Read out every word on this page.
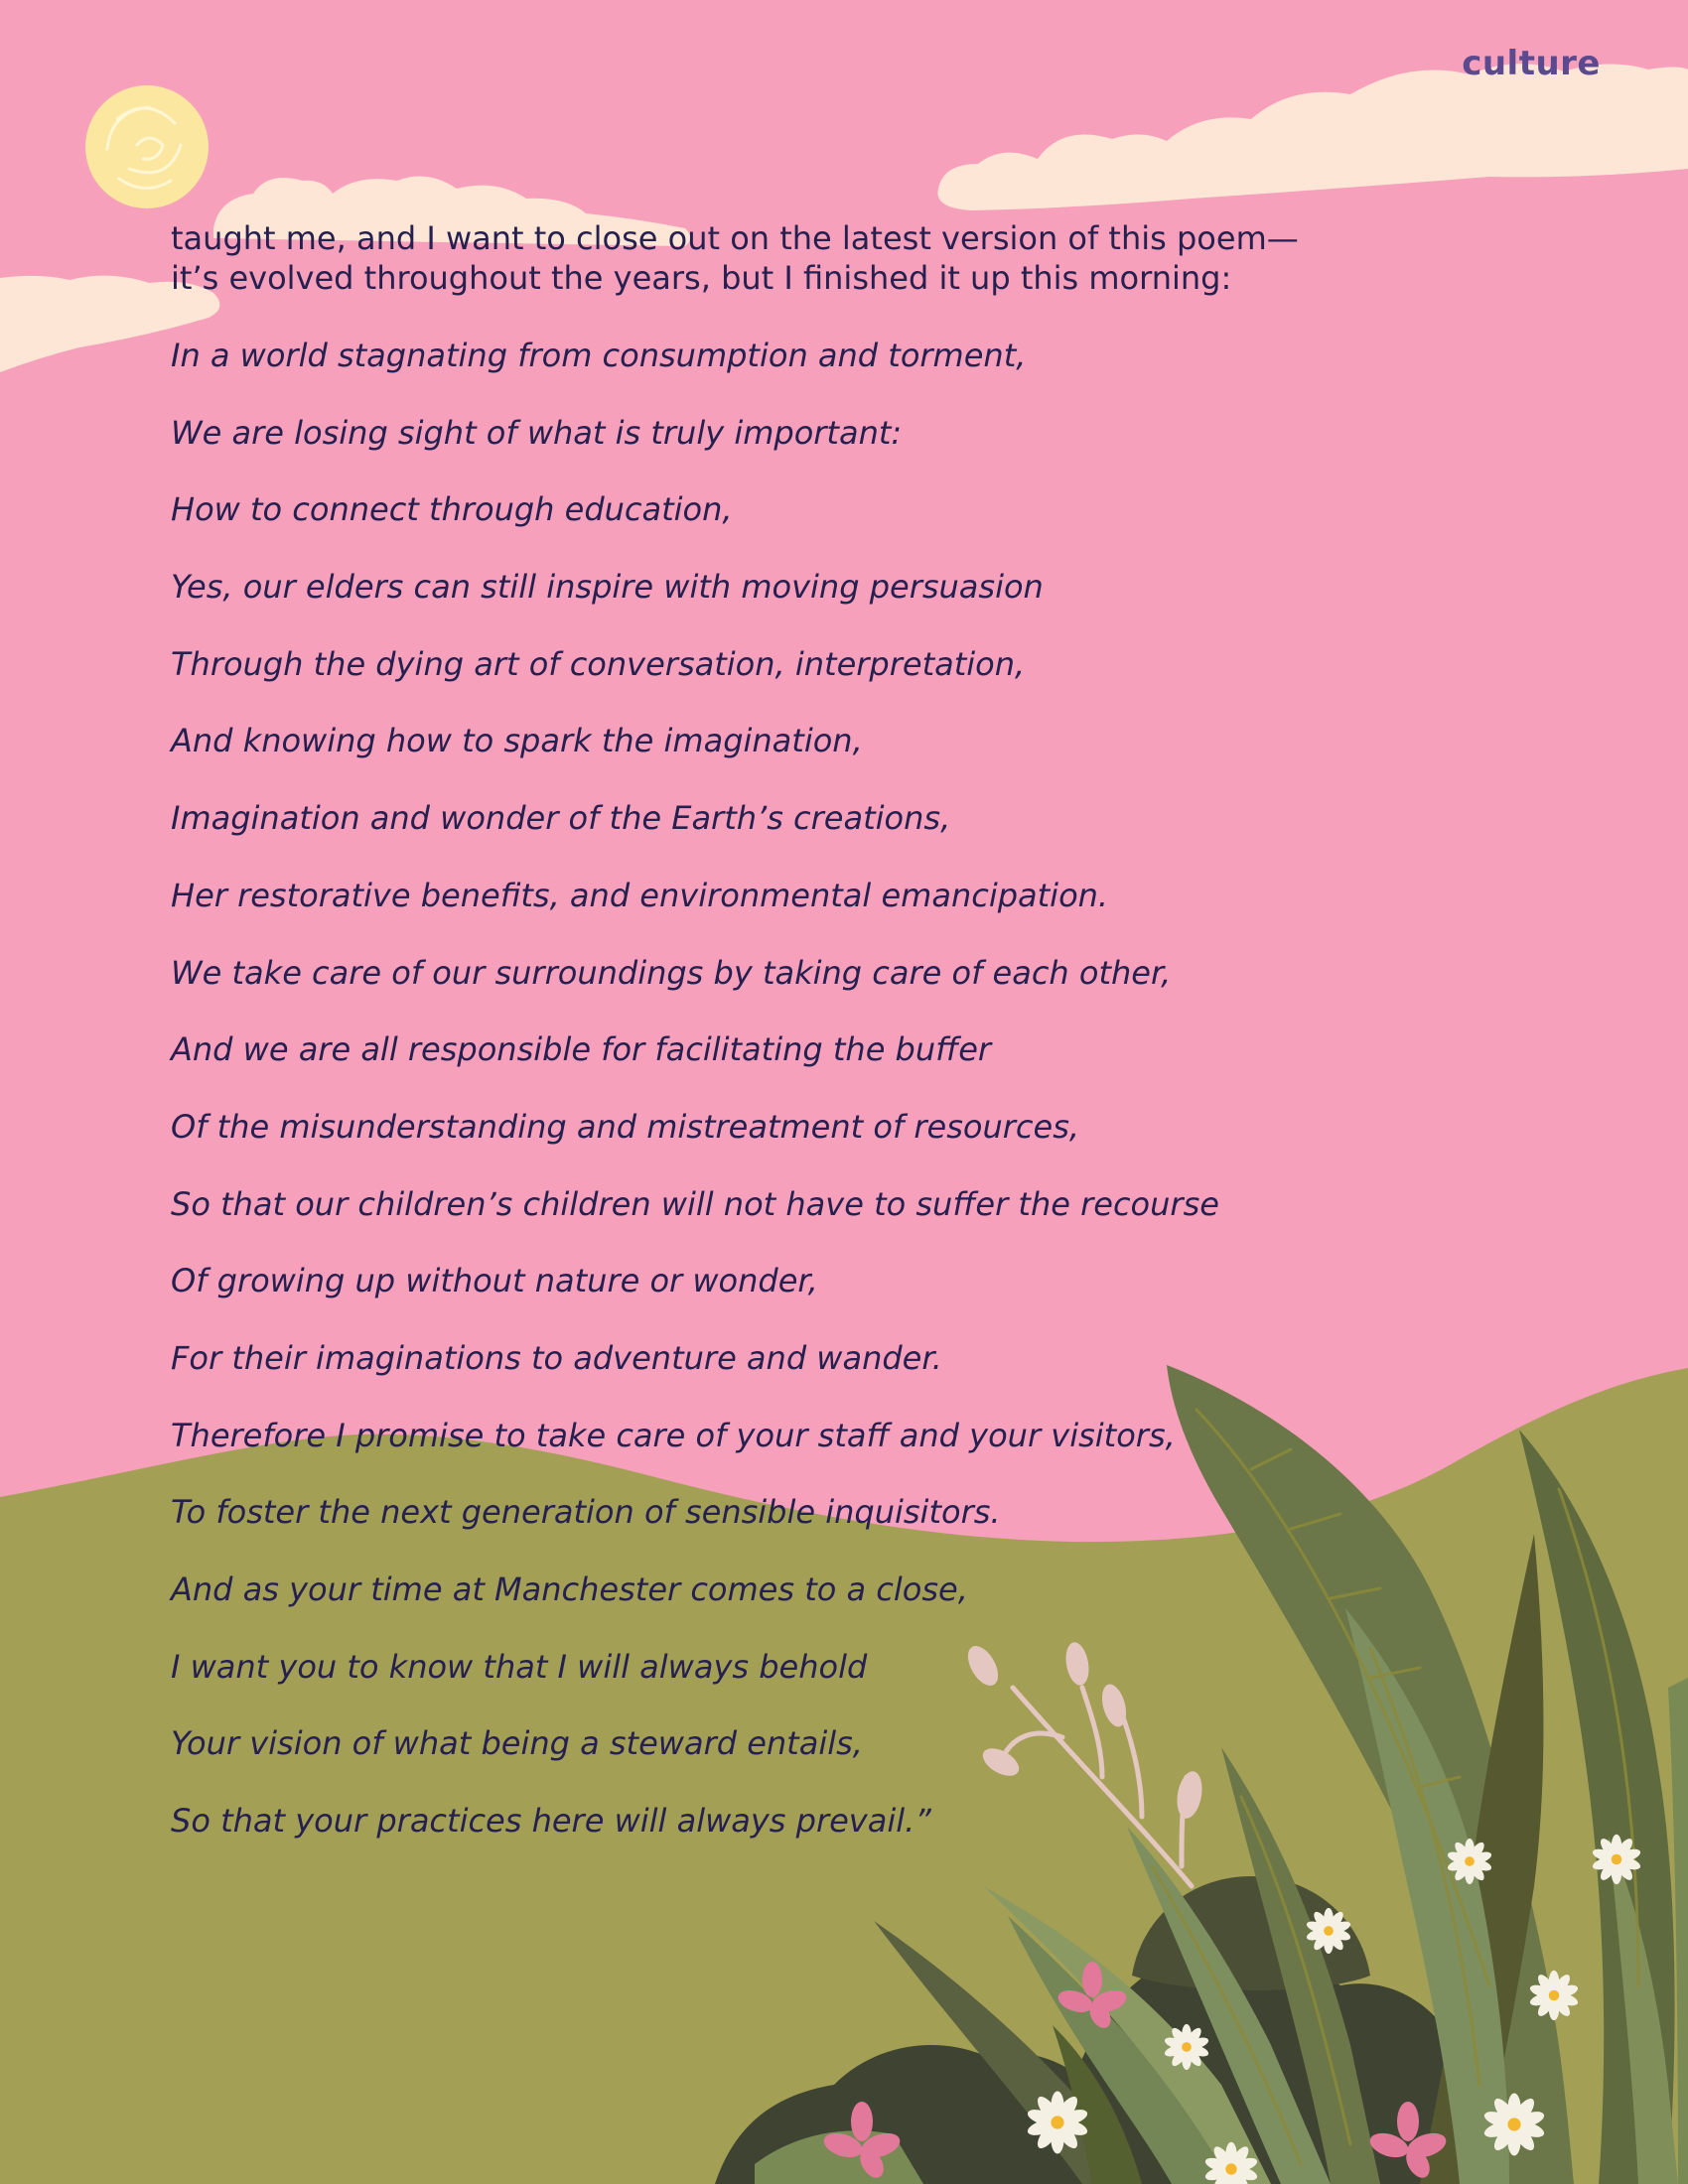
culture

taught me, and I want to close out on the latest version of this poem—
it’s evolved throughout the years, but I finished it up this morning:

In a world stagnating from consumption and torment,
We are losing sight of what is truly important:
How to connect through education,
Yes, our elders can still inspire with moving persuasion
Through the dying art of conversation, interpretation,
And knowing how to spark the imagination,
Imagination and wonder of the Earth’s creations,
Her restorative benefits, and environmental emancipation.
We take care of our surroundings by taking care of each other,
And we are all responsible for facilitating the buffer
Of the misunderstanding and mistreatment of resources,
So that our children’s children will not have to suffer the recourse
Of growing up without nature or wonder,
For their imaginations to adventure and wander.
Therefore I promise to take care of your staff and your visitors,
To foster the next generation of sensible inquisitors.
And as your time at Manchester comes to a close,
I want you to know that I will always behold
Your vision of what being a steward entails,
So that your practices here will always prevail.”
